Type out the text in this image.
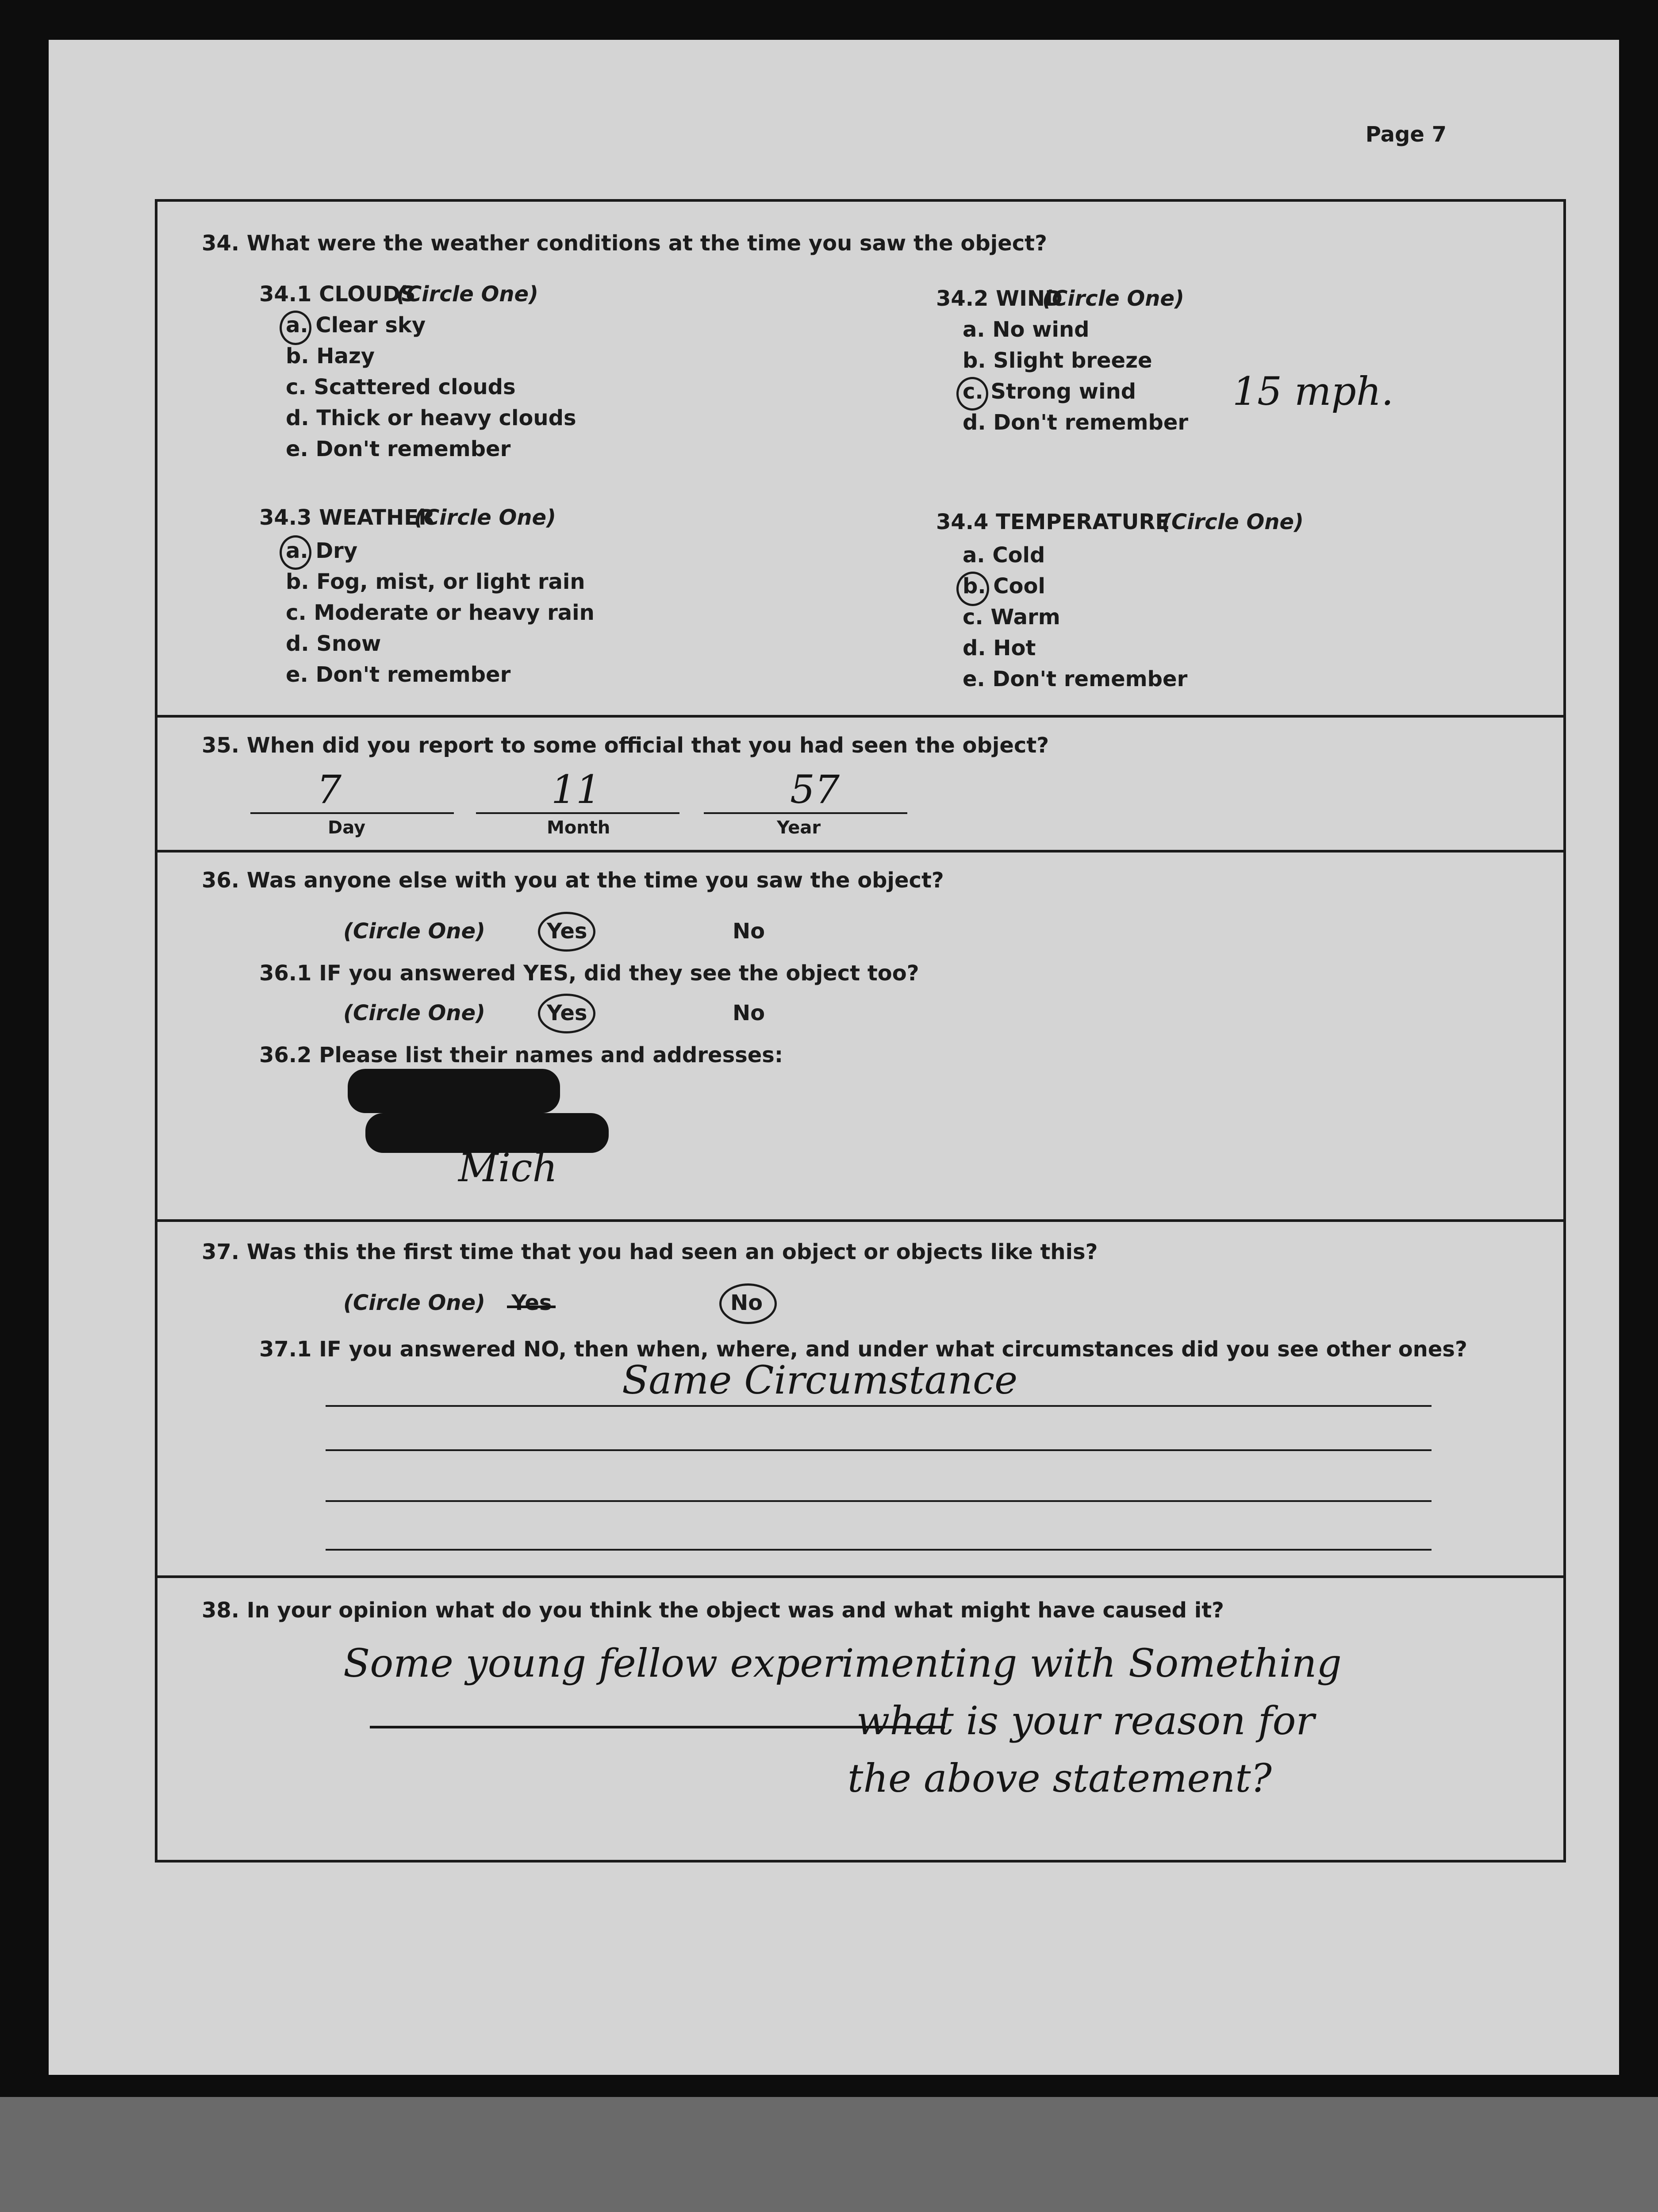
Page 7
34. What were the weather conditions at the time you saw the object?
34.1 CLOUDS
(Circle One)
a. Clear sky
b. Hazy
c. Scattered clouds
d. Thick or heavy clouds
e. Don't remember
34.2 WIND
(Circle One)
a. No wind
b. Slight breeze
c. Strong wind
d. Don't remember
15 mph.
34.3 WEATHER
(Circle One)
a. Dry
b. Fog, mist, or light rain
c. Moderate or heavy rain
d. Snow
e. Don't remember
34.4 TEMPERATURE
(Circle One)
a. Cold
b. Cool
c. Warm
d. Hot
e. Don't remember
35. When did you report to some official that you had seen the object?
7
Day
11
Month
57
Year
36. Was anyone else with you at the time you saw the object?
(Circle One)	Yes	No
36.1 IF you answered YES, did they see the object too?
(Circle One)	Yes	No
36.2 Please list their names and addresses:
Mich
37. Was this the first time that you had seen an object or objects like this?
(Circle One) Yes	No
37.1 IF you answered NO, then when, where, and under what circumstances did you see other ones?
Same Circumstance
38. In your opinion what do you think the object was and what might have caused it?
Some young fellow experimenting with Something
what is your reason for
the above statement?
